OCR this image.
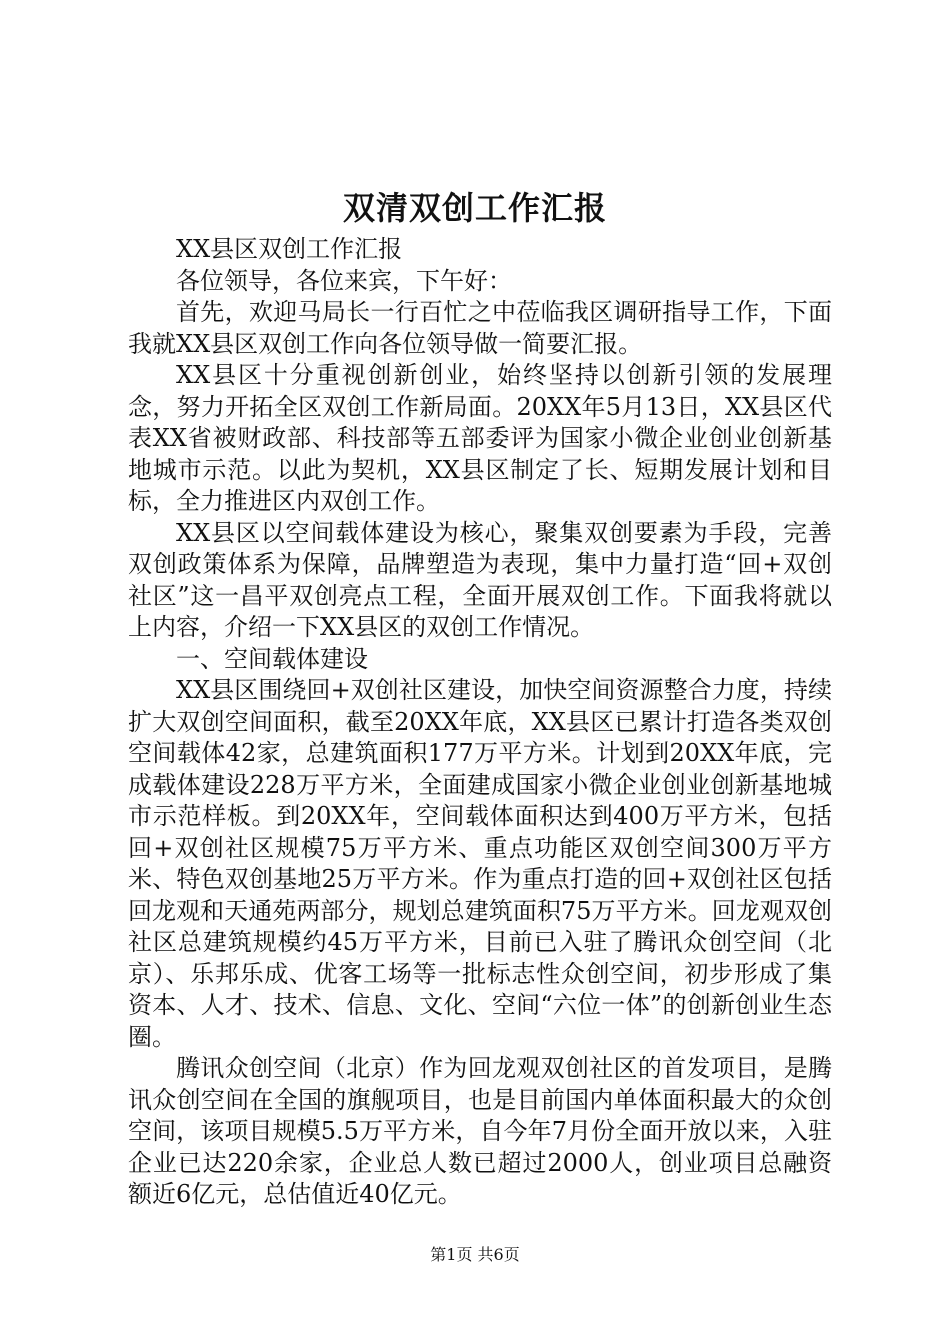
双清双创工作汇报

XX县区双创工作汇报

各位领导，各位来宾，下午好：

首先，欢迎马局长一行百忙之中莅临我区调研指导工作，下面我就XX县区双创工作向各位领导做一简要汇报。

XX县区十分重视创新创业，始终坚持以创新引领的发展理念，努力开拓全区双创工作新局面。20XX年5月13日，XX县区代表XX省被财政部、科技部等五部委评为国家小微企业创业创新基地城市示范。以此为契机，XX县区制定了长、短期发展计划和目标，全力推进区内双创工作。

XX县区以空间载体建设为核心，聚集双创要素为手段，完善双创政策体系为保障，品牌塑造为表现，集中力量打造“回+双创社区”这一昌平双创亮点工程，全面开展双创工作。下面我将就以上内容，介绍一下XX县区的双创工作情况。

一、空间载体建设

XX县区围绕回+双创社区建设，加快空间资源整合力度，持续扩大双创空间面积，截至20XX年底，XX县区已累计打造各类双创空间载体42家，总建筑面积177万平方米。计划到20XX年底，完成载体建设228万平方米，全面建成国家小微企业创业创新基地城市示范样板。到20XX年，空间载体面积达到400万平方米，包括回+双创社区规模75万平方米、重点功能区双创空间300万平方米、特色双创基地25万平方米。作为重点打造的回+双创社区包括回龙观和天通苑两部分，规划总建筑面积75万平方米。回龙观双创社区总建筑规模约45万平方米，目前已入驻了腾讯众创空间（北京）、乐邦乐成、优客工场等一批标志性众创空间，初步形成了集资本、人才、技术、信息、文化、空间“六位一体”的创新创业生态圈。

腾讯众创空间（北京）作为回龙观双创社区的首发项目，是腾讯众创空间在全国的旗舰项目，也是目前国内单体面积最大的众创空间，该项目规模5.5万平方米，自今年7月份全面开放以来，入驻企业已达220余家，企业总人数已超过2000人，创业项目总融资额近6亿元，总估值近40亿元。

第1页 共6页
